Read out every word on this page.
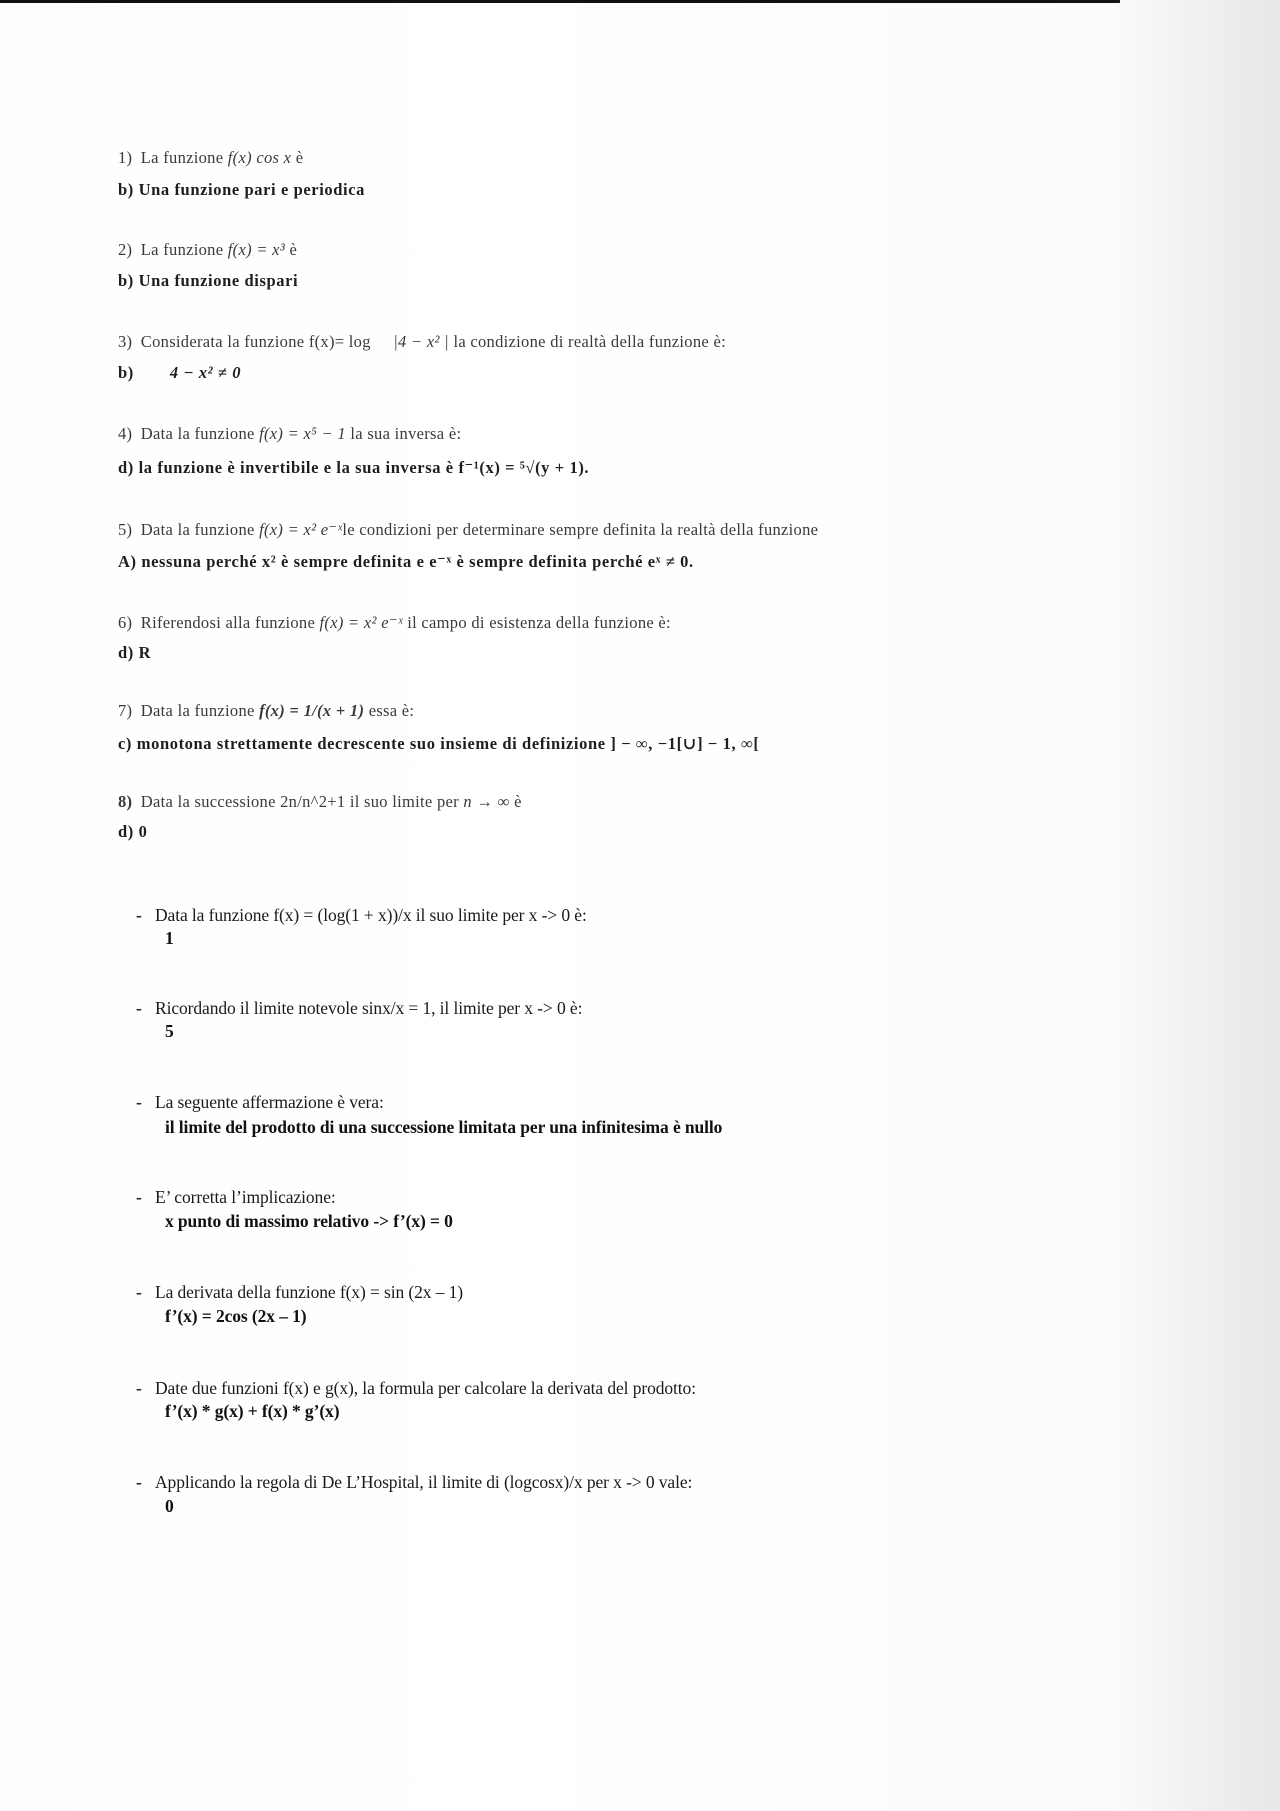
1) La funzione f(x) cos x è
b) Una funzione pari e periodica
2) La funzione f(x) = x³ è
b) Una funzione dispari
3) Considerata la funzione f(x)= log |4 − x² | la condizione di realtà della funzione è:
b) 4 − x² ≠ 0
4) Data la funzione f(x) = x⁵ − 1 la sua inversa è:
d) la funzione è invertibile e la sua inversa è f⁻¹(x) = ⁵√(y + 1).
5) Data la funzione f(x) = x² e⁻ˣle condizioni per determinare sempre definita la realtà della funzione
A) nessuna perché x² è sempre definita e e⁻ˣ è sempre definita perché eˣ ≠ 0.
6) Riferendosi alla funzione f(x) = x² e⁻ˣ il campo di esistenza della funzione è:
d) R
7) Data la funzione f(x) = 1/(x + 1) essa è:
c) monotona strettamente decrescente suo insieme di definizione ] − ∞, −1[∪] − 1, ∞[
8) Data la successione 2n/n^2+1 il suo limite per n → ∞ è
d) 0
- Data la funzione f(x) = (log(1 + x))/x il suo limite per x -> 0 è:
1
- Ricordando il limite notevole sinx/x = 1, il limite per x -> 0 è:
5
- La seguente affermazione è vera:
il limite del prodotto di una successione limitata per una infinitesima è nullo
- E’ corretta l’implicazione:
x punto di massimo relativo -> f’(x) = 0
- La derivata della funzione f(x) = sin (2x – 1)
f’(x) = 2cos (2x – 1)
- Date due funzioni f(x) e g(x), la formula per calcolare la derivata del prodotto:
f’(x) * g(x) + f(x) * g’(x)
- Applicando la regola di De L’Hospital, il limite di (logcosx)/x per x -> 0 vale:
0
